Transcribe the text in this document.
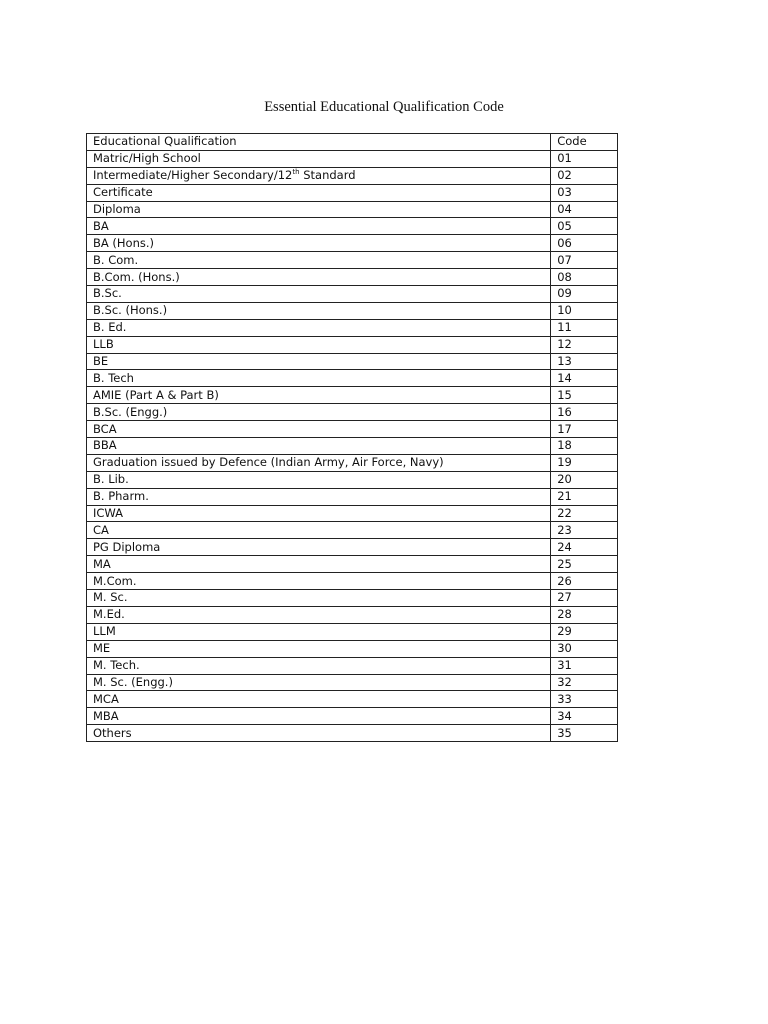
Essential Educational Qualification Code
Educational Qualification	Code
Matric/High School	01
Intermediate/Higher Secondary/12th Standard	02
Certificate	03
Diploma	04
BA	05
BA (Hons.)	06
B. Com.	07
B.Com. (Hons.)	08
B.Sc.	09
B.Sc. (Hons.)	10
B. Ed.	11
LLB	12
BE	13
B. Tech	14
AMIE (Part A & Part B)	15
B.Sc. (Engg.)	16
BCA	17
BBA	18
Graduation issued by Defence (Indian Army, Air Force, Navy)	19
B. Lib.	20
B. Pharm.	21
ICWA	22
CA	23
PG Diploma	24
MA	25
M.Com.	26
M. Sc.	27
M.Ed.	28
LLM	29
ME	30
M. Tech.	31
M. Sc. (Engg.)	32
MCA	33
MBA	34
Others	35
